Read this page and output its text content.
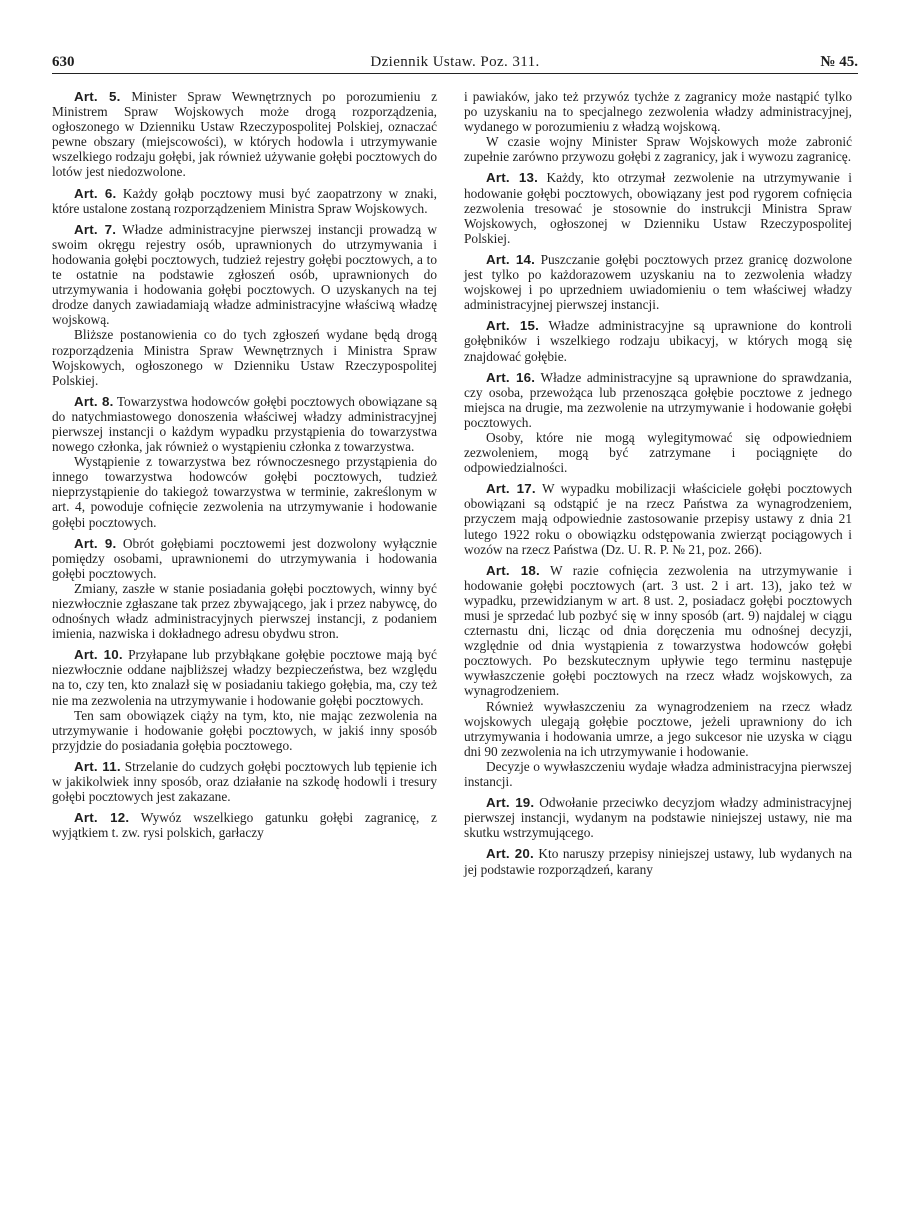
630	Dziennik Ustaw. Poz. 311.	№ 45.

Art. 5. Minister Spraw Wewnętrznych po porozumieniu z Ministrem Spraw Wojskowych może drogą rozporządzenia, ogłoszonego w Dzienniku Ustaw Rzeczypospolitej Polskiej, oznaczać pewne obszary (miejscowości), w których hodowla i utrzymywanie wszelkiego rodzaju gołębi, jak również używanie gołębi pocztowych do lotów jest niedozwolone.

Art. 6. Każdy gołąb pocztowy musi być zaopatrzony w znaki, które ustalone zostaną rozporządzeniem Ministra Spraw Wojskowych.

Art. 7. Władze administracyjne pierwszej instancji prowadzą w swoim okręgu rejestry osób, uprawnionych do utrzymywania i hodowania gołębi pocztowych, tudzież rejestry gołębi pocztowych, a to te ostatnie na podstawie zgłoszeń osób, uprawnionych do utrzymywania i hodowania gołębi pocztowych. O uzyskanych na tej drodze danych zawiadamiają władze administracyjne właściwą władzę wojskową.

Bliższe postanowienia co do tych zgłoszeń wydane będą drogą rozporządzenia Ministra Spraw Wewnętrznych i Ministra Spraw Wojskowych, ogłoszonego w Dzienniku Ustaw Rzeczypospolitej Polskiej.

Art. 8. Towarzystwa hodowców gołębi pocztowych obowiązane są do natychmiastowego donoszenia właściwej władzy administracyjnej pierwszej instancji o każdym wypadku przystąpienia do towarzystwa nowego członka, jak również o wystąpieniu członka z towarzystwa.

Wystąpienie z towarzystwa bez równoczesnego przystąpienia do innego towarzystwa hodowców gołębi pocztowych, tudzież nieprzystąpienie do takiegoż towarzystwa w terminie, zakreślonym w art. 4, powoduje cofnięcie zezwolenia na utrzymywanie i hodowanie gołębi pocztowych.

Art. 9. Obrót gołębiami pocztowemi jest dozwolony wyłącznie pomiędzy osobami, uprawnionemi do utrzymywania i hodowania gołębi pocztowych.

Zmiany, zaszłe w stanie posiadania gołębi pocztowych, winny być niezwłocznie zgłaszane tak przez zbywającego, jak i przez nabywcę, do odnośnych władz administracyjnych pierwszej instancji, z podaniem imienia, nazwiska i dokładnego adresu obydwu stron.

Art. 10. Przyłapane lub przybłąkane gołębie pocztowe mają być niezwłocznie oddane najbliższej władzy bezpieczeństwa, bez względu na to, czy ten, kto znalazł się w posiadaniu takiego gołębia, ma, czy też nie ma zezwolenia na utrzymywanie i hodowanie gołębi pocztowych.

Ten sam obowiązek ciąży na tym, kto, nie mając zezwolenia na utrzymywanie i hodowanie gołębi pocztowych, w jakiś inny sposób przyjdzie do posiadania gołębia pocztowego.

Art. 11. Strzelanie do cudzych gołębi pocztowych lub tępienie ich w jakikolwiek inny sposób, oraz działanie na szkodę hodowli i tresury gołębi pocztowych jest zakazane.

Art. 12. Wywóz wszelkiego gatunku gołębi zagranicę, z wyjątkiem t. zw. rysi polskich, garłaczy

i pawiaków, jako też przywóz tychże z zagranicy może nastąpić tylko po uzyskaniu na to specjalnego zezwolenia władzy administracyjnej, wydanego w porozumieniu z władzą wojskową.

W czasie wojny Minister Spraw Wojskowych może zabronić zupełnie zarówno przywozu gołębi z zagranicy, jak i wywozu zagranicę.

Art. 13. Każdy, kto otrzymał zezwolenie na utrzymywanie i hodowanie gołębi pocztowych, obowiązany jest pod rygorem cofnięcia zezwolenia tresować je stosownie do instrukcji Ministra Spraw Wojskowych, ogłoszonej w Dzienniku Ustaw Rzeczypospolitej Polskiej.

Art. 14. Puszczanie gołębi pocztowych przez granicę dozwolone jest tylko po każdorazowem uzyskaniu na to zezwolenia władzy wojskowej i po uprzedniem uwiadomieniu o tem właściwej władzy administracyjnej pierwszej instancji.

Art. 15. Władze administracyjne są uprawnione do kontroli gołębników i wszelkiego rodzaju ubikacyj, w których mogą się znajdować gołębie.

Art. 16. Władze administracyjne są uprawnione do sprawdzania, czy osoba, przewożąca lub przenosząca gołębie pocztowe z jednego miejsca na drugie, ma zezwolenie na utrzymywanie i hodowanie gołębi pocztowych.

Osoby, które nie mogą wylegitymować się odpowiedniem zezwoleniem, mogą być zatrzymane i pociągnięte do odpowiedzialności.

Art. 17. W wypadku mobilizacji właściciele gołębi pocztowych obowiązani są odstąpić je na rzecz Państwa za wynagrodzeniem, przyczem mają odpowiednie zastosowanie przepisy ustawy z dnia 21 lutego 1922 roku o obowiązku odstępowania zwierząt pociągowych i wozów na rzecz Państwa (Dz. U. R. P. № 21, poz. 266).

Art. 18. W razie cofnięcia zezwolenia na utrzymywanie i hodowanie gołębi pocztowych (art. 3 ust. 2 i art. 13), jako też w wypadku, przewidzianym w art. 8 ust. 2, posiadacz gołębi pocztowych musi je sprzedać lub pozbyć się w inny sposób (art. 9) najdalej w ciągu czternastu dni, licząc od dnia doręczenia mu odnośnej decyzji, względnie od dnia wystąpienia z towarzystwa hodowców gołębi pocztowych. Po bezskutecznym upływie tego terminu następuje wywłaszczenie gołębi pocztowych na rzecz władz wojskowych, za wynagrodzeniem.

Również wywłaszczeniu za wynagrodzeniem na rzecz władz wojskowych ulegają gołębie pocztowe, jeżeli uprawniony do ich utrzymywania i hodowania umrze, a jego sukcesor nie uzyska w ciągu dni 90 zezwolenia na ich utrzymywanie i hodowanie.

Decyzje o wywłaszczeniu wydaje władza administracyjna pierwszej instancji.

Art. 19. Odwołanie przeciwko decyzjom władzy administracyjnej pierwszej instancji, wydanym na podstawie niniejszej ustawy, nie ma skutku wstrzymującego.

Art. 20. Kto naruszy przepisy niniejszej ustawy, lub wydanych na jej podstawie rozporządzeń, karany
